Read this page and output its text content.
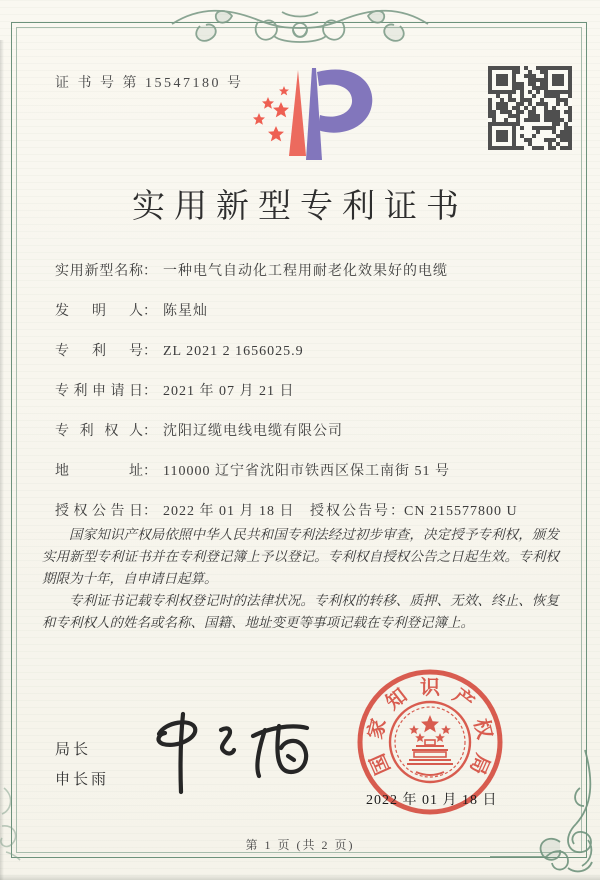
证 书 号 第 15547180 号
实用新型专利证书
实用新型名称： 一种电气自动化工程用耐老化效果好的电缆
发明人： 陈星灿
专利号： ZL 2021 2 1656025.9
专利申请日： 2021 年 07 月 21 日
专利权人： 沈阳辽缆电线电缆有限公司
地址： 110000 辽宁省沈阳市铁西区保工南街 51 号
授权公告日： 2022 年 01 月 18 日 授权公告号：CN 215577800 U

国家知识产权局依照中华人民共和国专利法经过初步审查，决定授予专利权，颁发实用新型专利证书并在专利登记簿上予以登记。专利权自授权公告之日起生效。专利权期限为十年，自申请日起算。

专利证书记载专利权登记时的法律状况。专利权的转移、质押、无效、终止、恢复和专利权人的姓名或名称、国籍、地址变更等事项记载在专利登记簿上。

局长
申长雨
国
家
知 识 产
权
局
2022 年 01 月 18 日
第 1 页 (共 2 页)
